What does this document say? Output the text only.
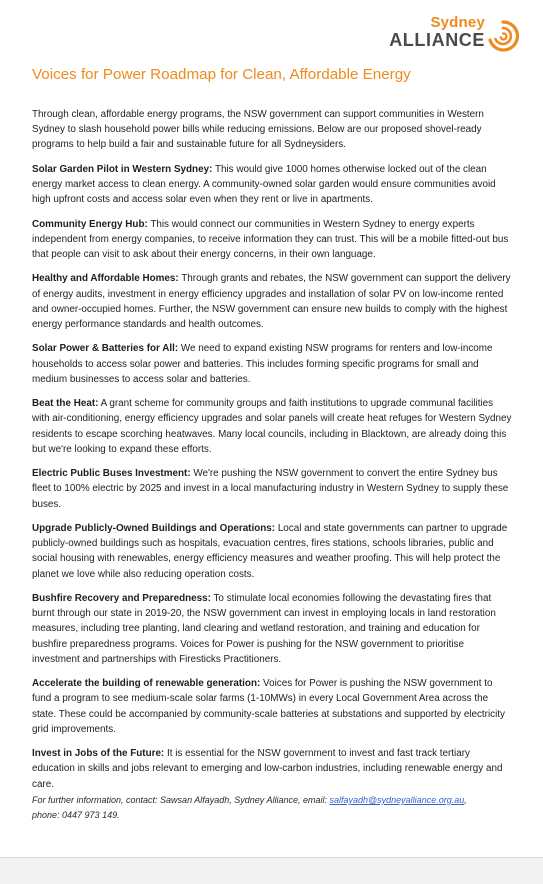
Sydney
ALLIANCE
Voices for Power Roadmap for Clean, Affordable Energy

Through clean, affordable energy programs, the NSW government can support communities in Western Sydney to slash household power bills while reducing emissions. Below are our proposed shovel-ready programs to help build a fair and sustainable future for all Sydneysiders.

Solar Garden Pilot in Western Sydney: This would give 1000 homes otherwise locked out of the clean energy market access to clean energy. A community-owned solar garden would ensure communities avoid high upfront costs and access solar even when they rent or live in apartments.

Community Energy Hub: This would connect our communities in Western Sydney to energy experts independent from energy companies, to receive information they can trust. This will be a mobile fitted-out bus that people can visit to ask about their energy concerns, in their own language.

Healthy and Affordable Homes: Through grants and rebates, the NSW government can support the delivery of energy audits, investment in energy efficiency upgrades and installation of solar PV on low-income rented and owner-occupied homes. Further, the NSW government can ensure new builds to comply with the highest energy performance standards and health outcomes.

Solar Power & Batteries for All: We need to expand existing NSW programs for renters and low-income households to access solar power and batteries. This includes forming specific programs for small and medium businesses to access solar and batteries.

Beat the Heat: A grant scheme for community groups and faith institutions to upgrade communal facilities with air-conditioning, energy efficiency upgrades and solar panels will create heat refuges for Western Sydney residents to escape scorching heatwaves. Many local councils, including in Blacktown, are already doing this but we're looking to expand these efforts.

Electric Public Buses Investment: We're pushing the NSW government to convert the entire Sydney bus fleet to 100% electric by 2025 and invest in a local manufacturing industry in Western Sydney to supply these buses.

Upgrade Publicly-Owned Buildings and Operations: Local and state governments can partner to upgrade publicly-owned buildings such as hospitals, evacuation centres, fires stations, schools libraries, public and social housing with renewables, energy efficiency measures and weather proofing. This will help protect the planet we love while also reducing operation costs.

Bushfire Recovery and Preparedness: To stimulate local economies following the devastating fires that burnt through our state in 2019-20, the NSW government can invest in employing locals in land restoration measures, including tree planting, land clearing and wetland restoration, and training and education for bushfire preparedness programs. Voices for Power is pushing for the NSW government to prioritise investment and partnerships with Firesticks Practitioners.

Accelerate the building of renewable generation: Voices for Power is pushing the NSW government to fund a program to see medium-scale solar farms (1-10MWs) in every Local Government Area across the state. These could be accompanied by community-scale batteries at substations and supported by electricity grid improvements.

Invest in Jobs of the Future: It is essential for the NSW government to invest and fast track tertiary education in skills and jobs relevant to emerging and low-carbon industries, including renewable energy and care.

For further information, contact: Sawsan Alfayadh, Sydney Alliance, email: salfayadh@sydneyalliance.org.au,
phone: 0447 973 149.
